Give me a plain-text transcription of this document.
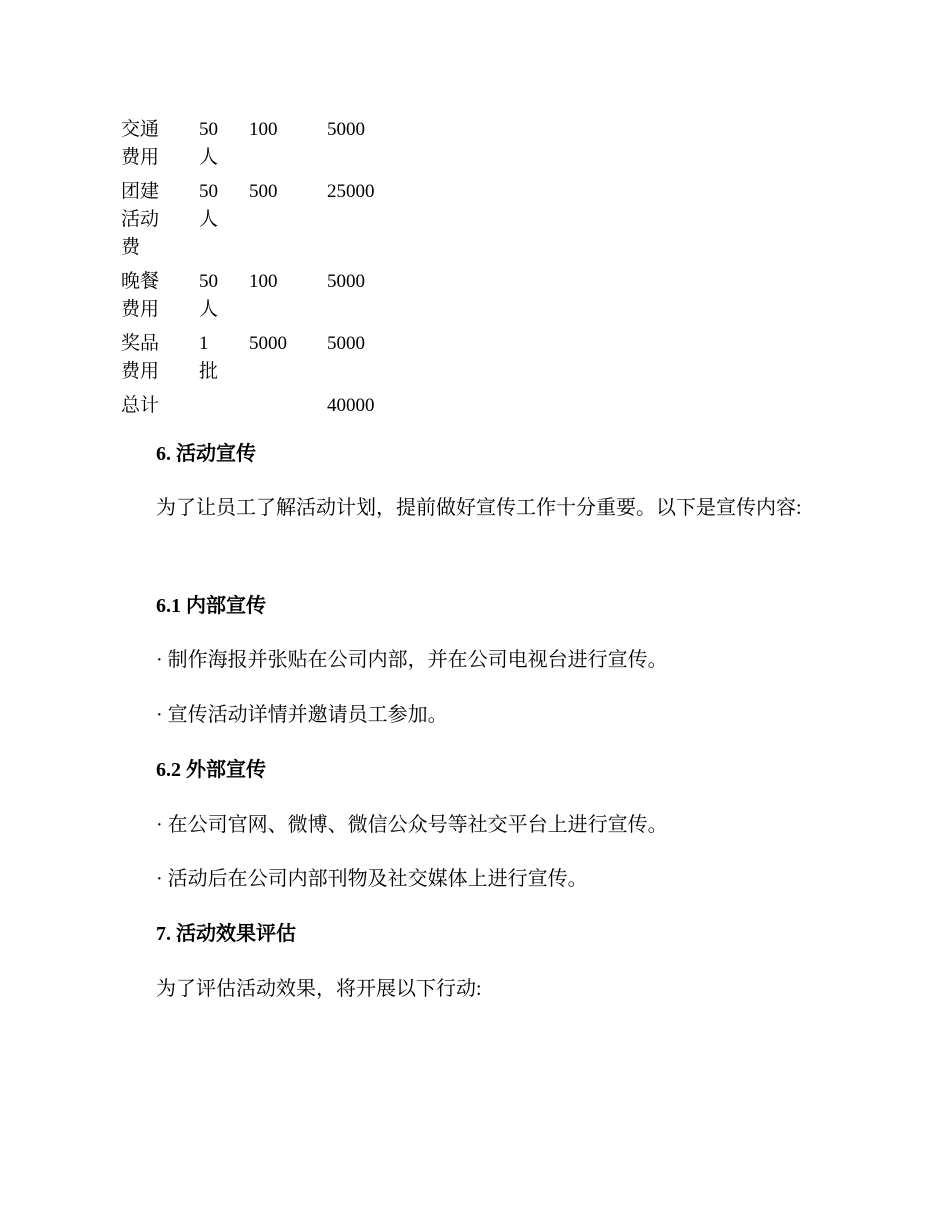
交通费用	50人	100	5000

团建活动费	50人	500	25000

晚餐费用	50人	100	5000

奖品费用	1批	5000	5000

总计			40000
6. 活动宣传

为了让员工了解活动计划，提前做好宣传工作十分重要。以下是宣传内容:

6.1 内部宣传

· 制作海报并张贴在公司内部，并在公司电视台进行宣传。

· 宣传活动详情并邀请员工参加。

6.2 外部宣传

· 在公司官网、微博、微信公众号等社交平台上进行宣传。

· 活动后在公司内部刊物及社交媒体上进行宣传。

7. 活动效果评估

为了评估活动效果，将开展以下行动:
